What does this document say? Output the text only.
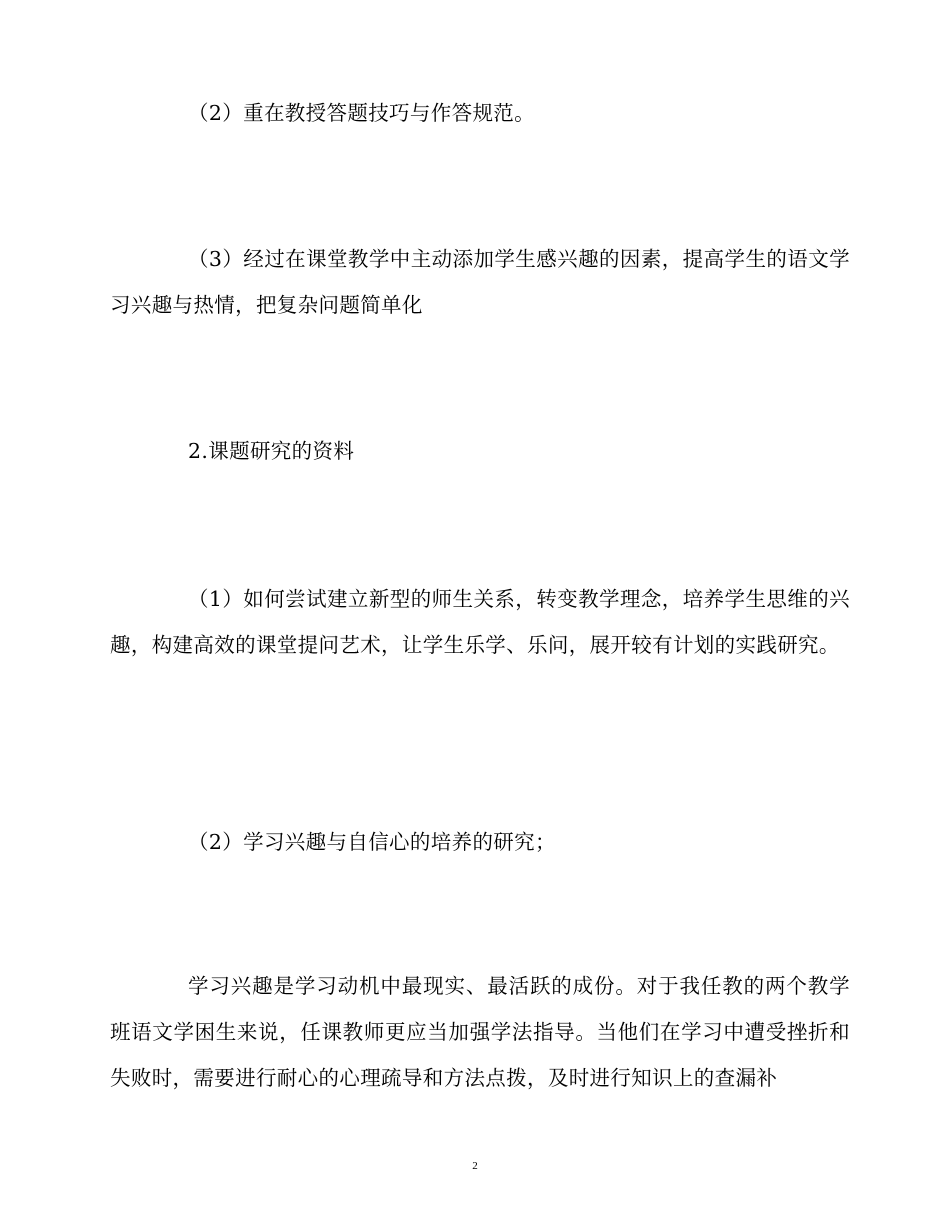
（2）重在教授答题技巧与作答规范。

（3）经过在课堂教学中主动添加学生感兴趣的因素，提高学生的语文学习兴趣与热情，把复杂问题简单化

2.课题研究的资料

（1）如何尝试建立新型的师生关系，转变教学理念，培养学生思维的兴趣，构建高效的课堂提问艺术，让学生乐学、乐问，展开较有计划的实践研究。

（2）学习兴趣与自信心的培养的研究；

学习兴趣是学习动机中最现实、最活跃的成份。对于我任教的两个教学班语文学困生来说，任课教师更应当加强学法指导。当他们在学习中遭受挫折和失败时，需要进行耐心的心理疏导和方法点拨，及时进行知识上的查漏补

2
